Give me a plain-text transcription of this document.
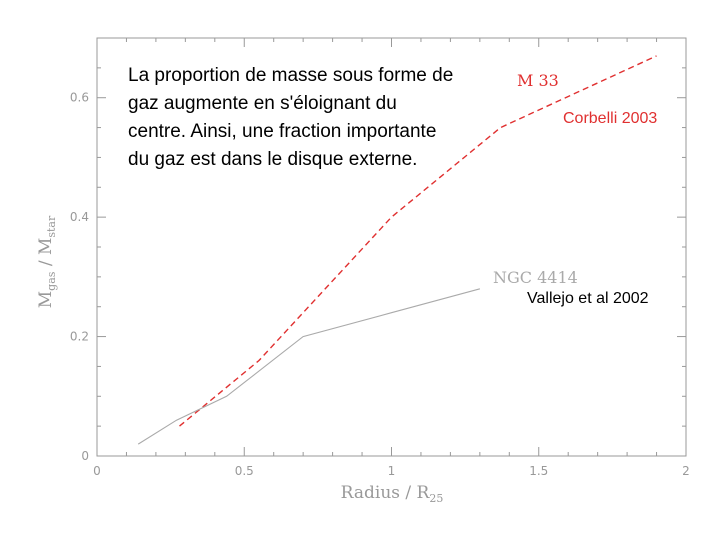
0	0.5	1	1.5	2
0
0.2
0.4
0.6
Radius / $R_{25}$
$M_{gas} / M_{star}$
M 33
NGC 4414
La proportion de masse sous forme de gaz augmente en s'éloignant du centre. Ainsi, une fraction importante du gaz est dans le disque externe.
Corbelli 2003
Vallejo et al 2002
